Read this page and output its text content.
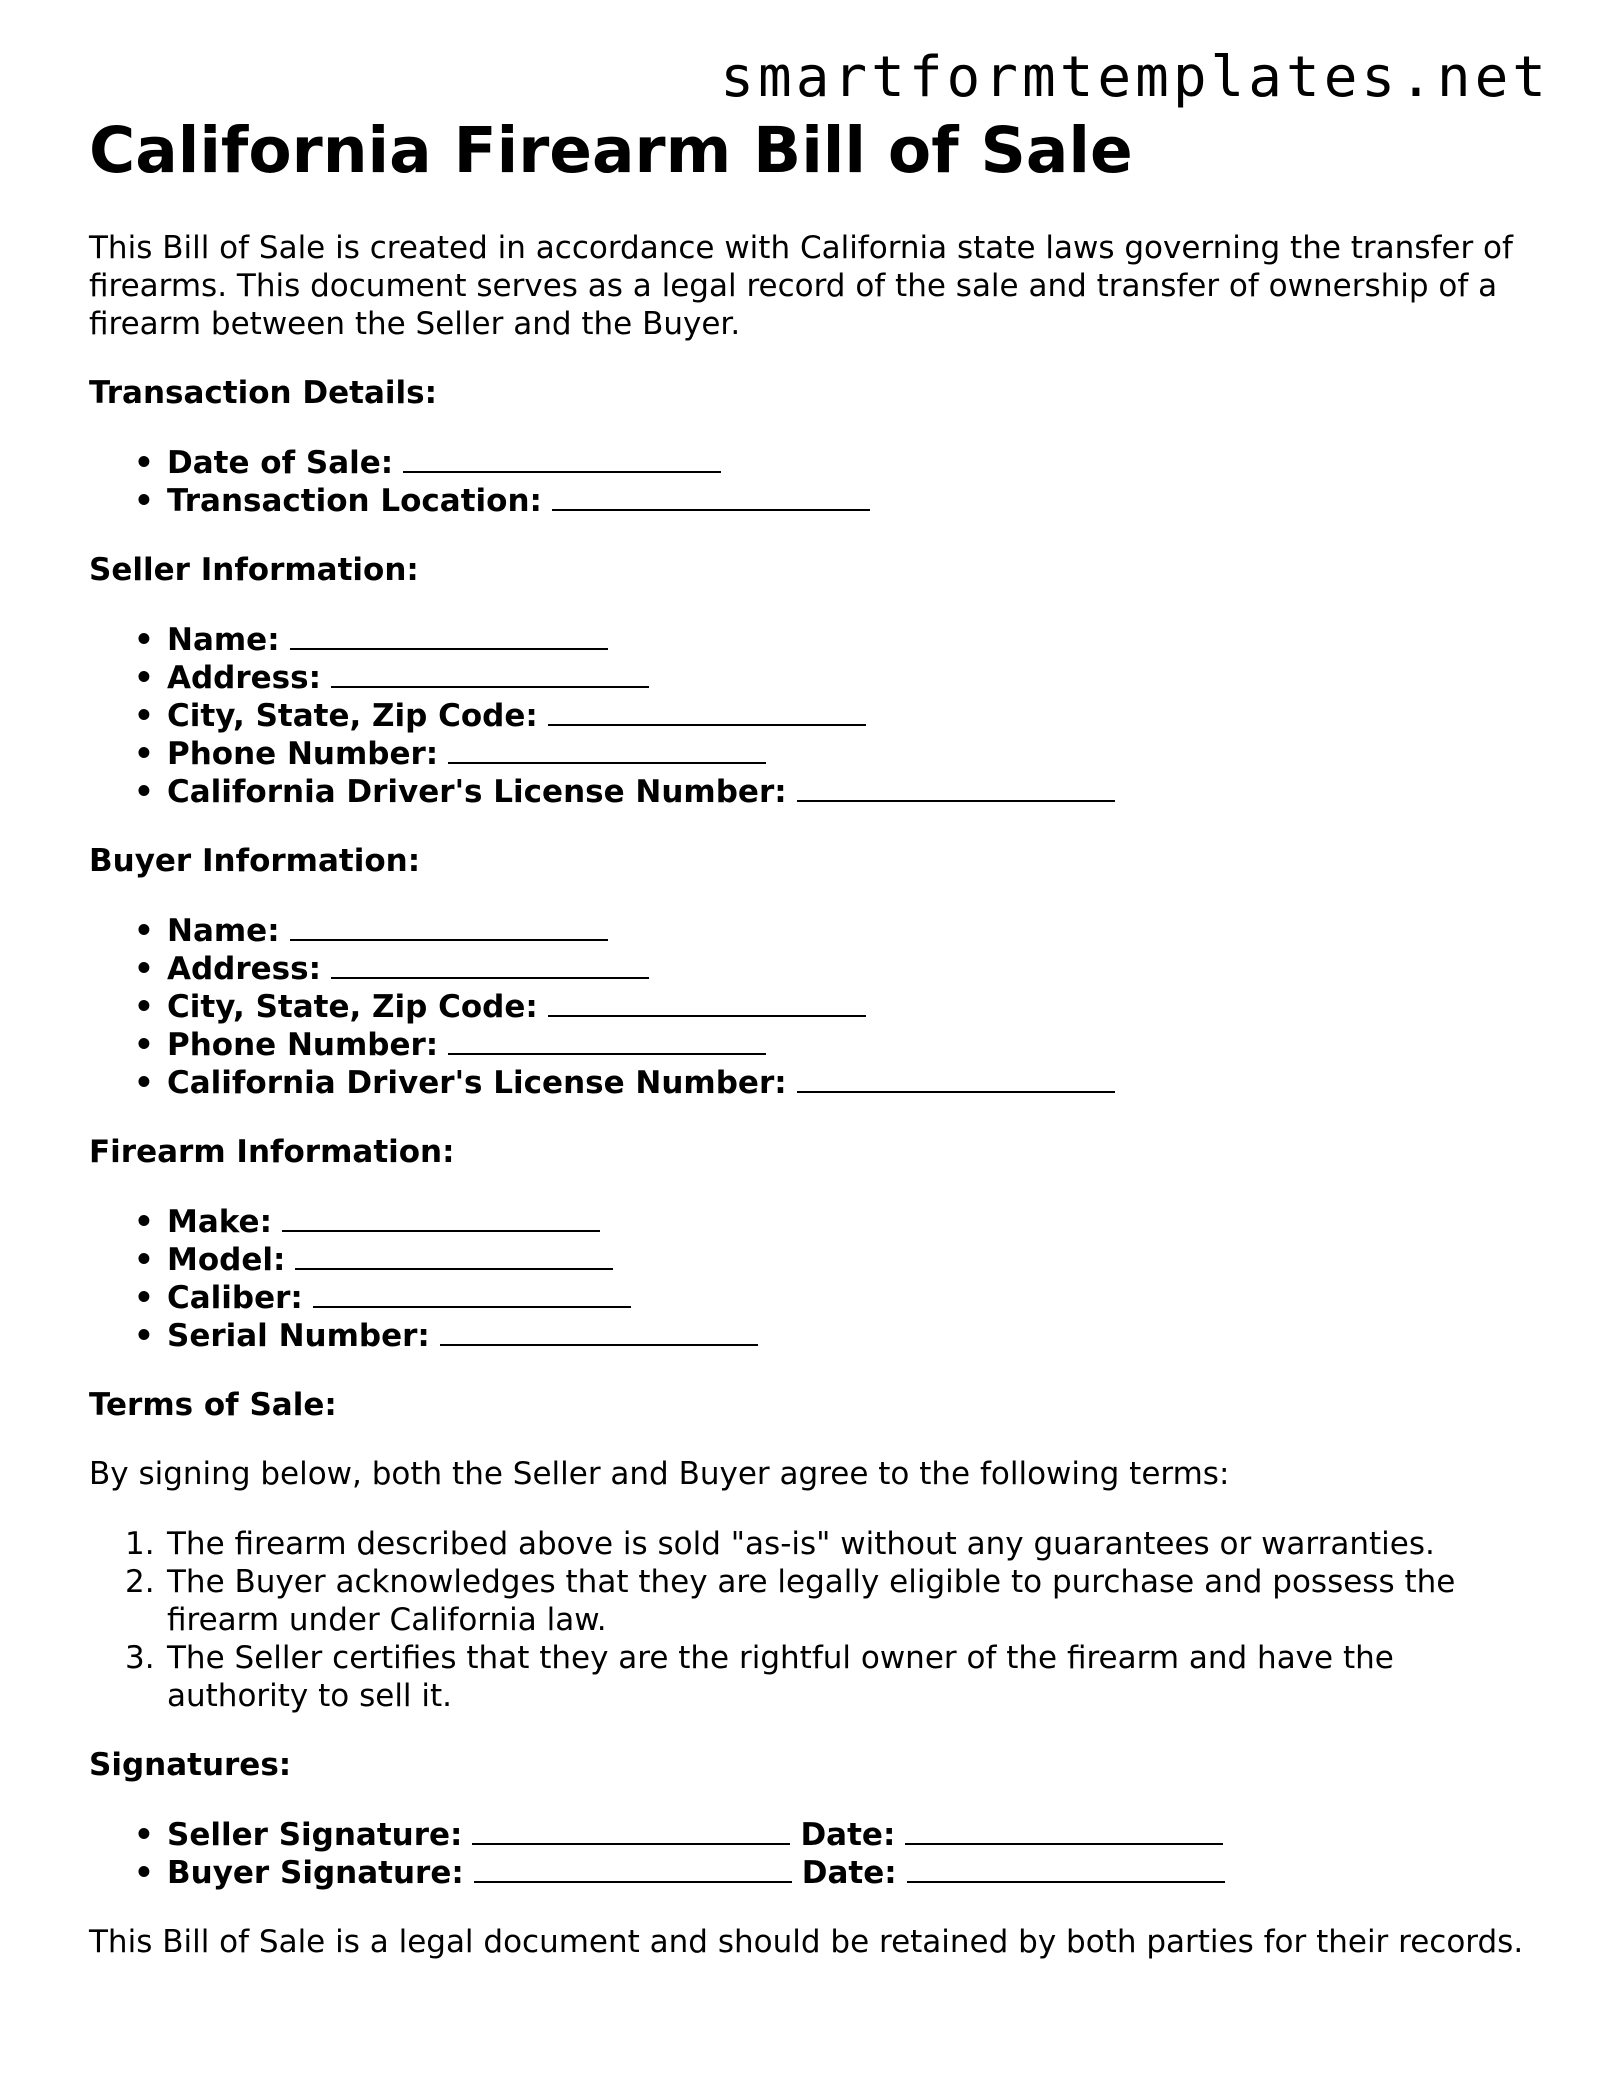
smartformtemplates.net
California Firearm Bill of Sale

This Bill of Sale is created in accordance with California state laws governing the transfer of firearms. This document serves as a legal record of the sale and transfer of ownership of a firearm between the Seller and the Buyer.

Transaction Details:
• Date of Sale:
• Transaction Location:
Seller Information:
• Name:
• Address:
• City, State, Zip Code:
• Phone Number:
• California Driver's License Number:
Buyer Information:
• Name:
• Address:
• City, State, Zip Code:
• Phone Number:
• California Driver's License Number:
Firearm Information:
• Make:
• Model:
• Caliber:
• Serial Number:
Terms of Sale:

By signing below, both the Seller and Buyer agree to the following terms:

1. The firearm described above is sold "as-is" without any guarantees or warranties.
2. The Buyer acknowledges that they are legally eligible to purchase and possess the firearm under California law.
3. The Seller certifies that they are the rightful owner of the firearm and have the authority to sell it.
Signatures:
• Seller Signature:	Date:
• Buyer Signature:	Date:

This Bill of Sale is a legal document and should be retained by both parties for their records.
